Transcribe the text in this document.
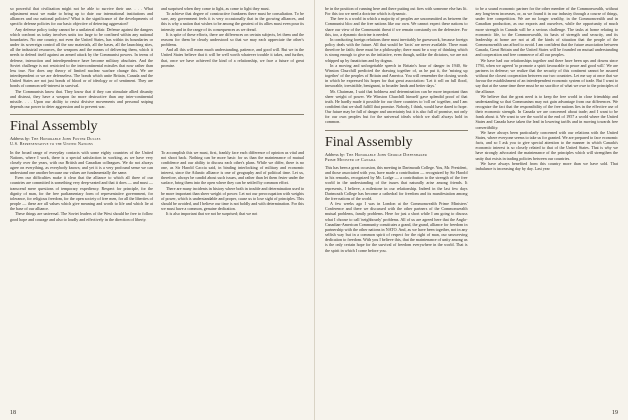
so powerful that civilization might not be able to survive their use. . . . What adjustment must we make to bring up to date our international institutions and alliances and our national policies? What is the significance of the developments of specific defense policies for our basic objective of deterring aggression?

Any defense policy today cannot be a unilateral affair. Defense against the dangers which confront us today involves units too large to be confined within any national boundaries. No one country, not even the United States, has within its boundaries or under its sovereign control all the raw materials, all the bases, all the launching sites, all the industrial resources, the weapons and the means of delivering them, which it needs to defend itself against an armed attack by the Communist powers. In terms of defense, interaction and interdependence have become military absolutes. And the Soviet challenge is not restricted to the intercontinental missiles that now rather than less true. Nor does any theory of limited nuclear warfare change this. We are interdependent or we are defenseless. The bonds which unite Britain, Canada and the United States are not just bonds of blood or of ideology or of sentiment. They are bonds of common self-interest in survival.

The Communists know that. They know that if they can stimulate allied disunity and distrust, they have a weapon far more destructive than any inter-continental missile. . . . Upon our ability to resist divisive movements and personal sniping depends our power to deter aggression and to prevent war.

and surprised when they come to light, as come to light they must.

To achieve that degree of constructive frankness there must be consultation. To be sure, any government feels it is very occasionally that in the growing alliances, and this is why a nation that wishes to be among the greatest of its allies must even pour its intensity and in the range of its consequences as we dread.

It is spite of these efforts, there are differences on certain subjects, let them and the reasons for them be clearly understood so that we may each appreciate the other's problems.

And all this will mean much understanding, patience, and good will. But we in the United States believe that it will be well worth whatever trouble it takes, and further, that, once we have achieved the kind of a relationship, we face a future of great promise.

Final Assembly
Address by: The Honorable John Foster Dulles
U.S. Representative to the United Nations

In the broad range of everyday contacts with some eighty countries of the United Nations, where I work, there is a special satisfaction in working, as we have very closely over the years, with our British and Canadian colleagues. We do not always agree on everything, as everybody knows; and yet it is a very profound sense we can understand one another because our values are fundamentally the same.

Even our difficulties make it clear that the alliance to which all three of our countries are committed is something very deep-seated and that it does — and must — transcend mere questions of temporary expediency. Respect for principle, for the dignity of man, for the free parliamentary form of representative government, for tolerance, for religious freedom, for the open society of free men, for all the liberties of people — these are all values which give meaning and worth to life and which lie at the base of our alliance.

These things are universal. The Soviet leaders of the West should be free to follow good hope and courage and also to loudly and effectively in the direction of liberty.

To accomplish this we must, first, frankly face each difference of opinion as vital and not shoot back. Nothing can be more basic for us than the maintenance of mutual confidence and our ability to discuss each other's plans. While we differ, there is no one, as Sir Harold Caccia said, in binding interlocking of military and economic interest, since the Atlantic alliance is one of geography and of political time. Let us, therefore, always be candid about such issues, and rather than let them fester under the surface, bring them into the open where they can be settled by common effort.

There are many incidents in history where both in trouble and determination used to be more important than sheer weight of power. Let not our preoccupation with weights of power, which is understandable and proper, cause us to lose sight of principles. This should be avoided, and I believe our time is not boldly and with determination. For this we must have a common, genuine dedication.

It is also important that we not be surprised; that we not

18

be in the position of running here and there putting out fires with someone else has lit. For this too we need a doctrine which is dynamic.

The free is a world in which a majority of peoples are uncommitted as between the Communist bloc and the free nations like our own. We cannot expect these nations to share our view of the Communist threat if we remain constantly on the defensive. For this, too, a dynamic doctrine is needed.

In conducting foreign relations there must inevitably be guesswork, because foreign policy deals with the future. All that would be 'facts' are never available. There must therefore be faith; there must be a philosophy; there must be a way of thinking which is strong enough to give us the initiative, even though, unlike the dictators, we are not whipped up by fanaticism and by dogma.

In a moving and unforgettable speech in Britain's hour of danger in 1940, Sir Winston Churchill predicted the drawing together of, as he put it, the 'mixing up together' of the peoples of Britain and America. You will remember the closing words in which he expressed his hopes for that great association: 'Let it roll on full flood, inexorable, irresistible, benignant, to broader lands and better days.'

Mr. Chairman, I said that boldness and determination can be more important than sheer weight of power. We Winston Churchill himself gave splendid proof of that truth. He hardly made it possible for our three countries to 'roll on' together, and I am confident that we shall fulfill that promise. Nobody, I think, would have dared to hope. Our future may be full of danger and uncertainty but it is also full of promise, not only for our own peoples but for the universal ideals which we shall always hold in common.

Final Assembly
Address by: The Honorable John George Diefenbaker
Prime Minister of Canada

This has been a great occasion, this meeting in Dartmouth College. You, Mr. President, and those associated with you, have made a contribution — recognized by Sir Harold in his remarks, recognized by Mr. Lodge — a contribution to the strength of the free world in the understanding of the issues that naturally arise among friends. It represents, I believe, a milestone in our relationship. Indeed in the last few days Dartmouth College has become a cathedral for freedom and its manifestation among the free nations of the world.

A few weeks ago I was in London at the Commonwealth Prime Ministers' Conference and there we discussed with the other partners of the Commonwealth mutual problems, family problems. Here for just a short while I am going to discuss what I choose to call 'neighbourly' problems. All of us are agreed here that the Anglo-Canadian-American Community constitutes a grand, the grand, alliance for freedom in partnership with the other nations in NATO. And, as we have been together, not in any selfish way but in a common spirit of respect for the right of man, our unswerving dedication to freedom. With you I believe this, that the maintenance of unity among us is the only certain hope for the survival of freedom everywhere in the world. That is the spirit in which I come before you.

to be a sound economic partner for the other member of the Commonwealth, without any long-term increases, or, as we found it in our industry through a course of things, under free competition. We are no longer wealthy, in the Commonwealth and in Canadian production, as our exports and ourselves, while the opportunity of much more strength in Canada will be a serious challenge. The tasks at home relating to economic life, to the Commonwealth, its basis of strength and security, and its leadership at home are not at all the kinds of situation that the people of the Commonwealth can afford to avoid. I am confident that the future association between Canada, Great Britain and the United States will be founded on mutual understanding and cooperation and free commerce of all our peoples.

We have had our relationships together and there have been ups and downs since 1794, when we agreed 'to promote a spirit favourable to peace and good will.' We are partners in defense; we realize that the security of this continent cannot be assured without the closest cooperation between our two countries. Let me say at once that we favour the establishment of an interdependent economic system of trade. But I want to say that at the same time there must be no sacrifice of what we owe to the principles of the alliance.

We believe that the great need is to keep the free world in close friendship and understanding so that Communism may not gain advantage from our differences. We recognize the fact that the responsibility of the free nations lies in the effective use of their economic strength. In Canada we are concerned about trade; and I want to be frank about it. We want to see the world at the end of 1957 a world where the United States and Canada have taken the lead in lowering tariffs and in moving towards free convertibility.

We have always been particularly concerned with our relations with the United States, where everyone seems to take us for granted. We are prepared to face economic facts, and so I ask you to give special attention to the manner in which Canada's economic interest is so closely related to that of the United States. That is why we have strongly advocated the maintenance of the principles which will strengthen the unity that exists in trading policies between our countries.

We have always benefited from this country more than we have sold. That imbalance is increasing day by day. Last year

19
